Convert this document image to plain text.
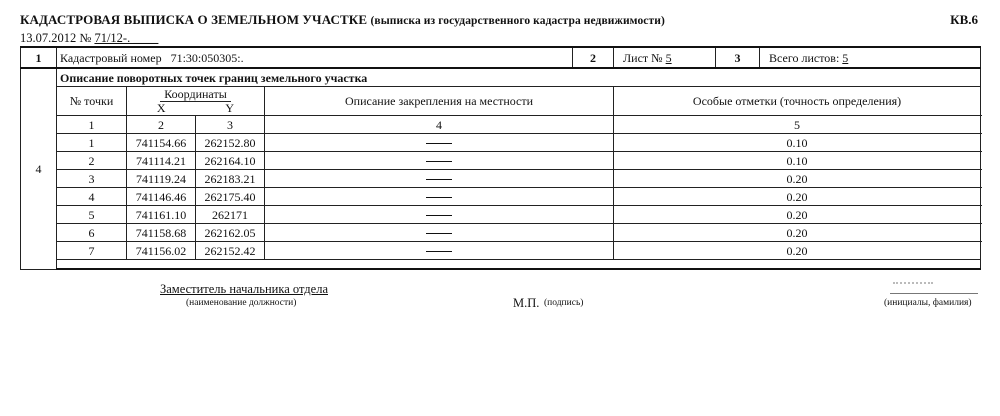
КАДАСТРОВАЯ ВЫПИСКА О ЗЕМЕЛЬНОМ УЧАСТКЕ (выписка из государственного кадастра недвижимости)	КВ.6
13.07.2012 № 71/12-. ____
1	Кадастровый номер 71:30:050305:.				2	Лист № 5	3	Всего листов: 5
4	Описание поворотных точек границ земельного участка							
	№ точки	Координаты		Описание закрепления на местности		Особые отметки (точность определения)		
		X	Y					
	1	2	3	4		5		
	1	741154.66	262152.80			0.10		
	2	741114.21	262164.10			0.10		
	3	741119.24	262183.21			0.20		
	4	741146.46	262175.40			0.20		
	5	741161.10	262171			0.20		
	6	741158.68	262162.05			0.20		
	7	741156.02	262152.42			0.20		

Заместитель начальника отдела
(наименование должности)	М.П. (подпись)	(инициалы, фамилия)
